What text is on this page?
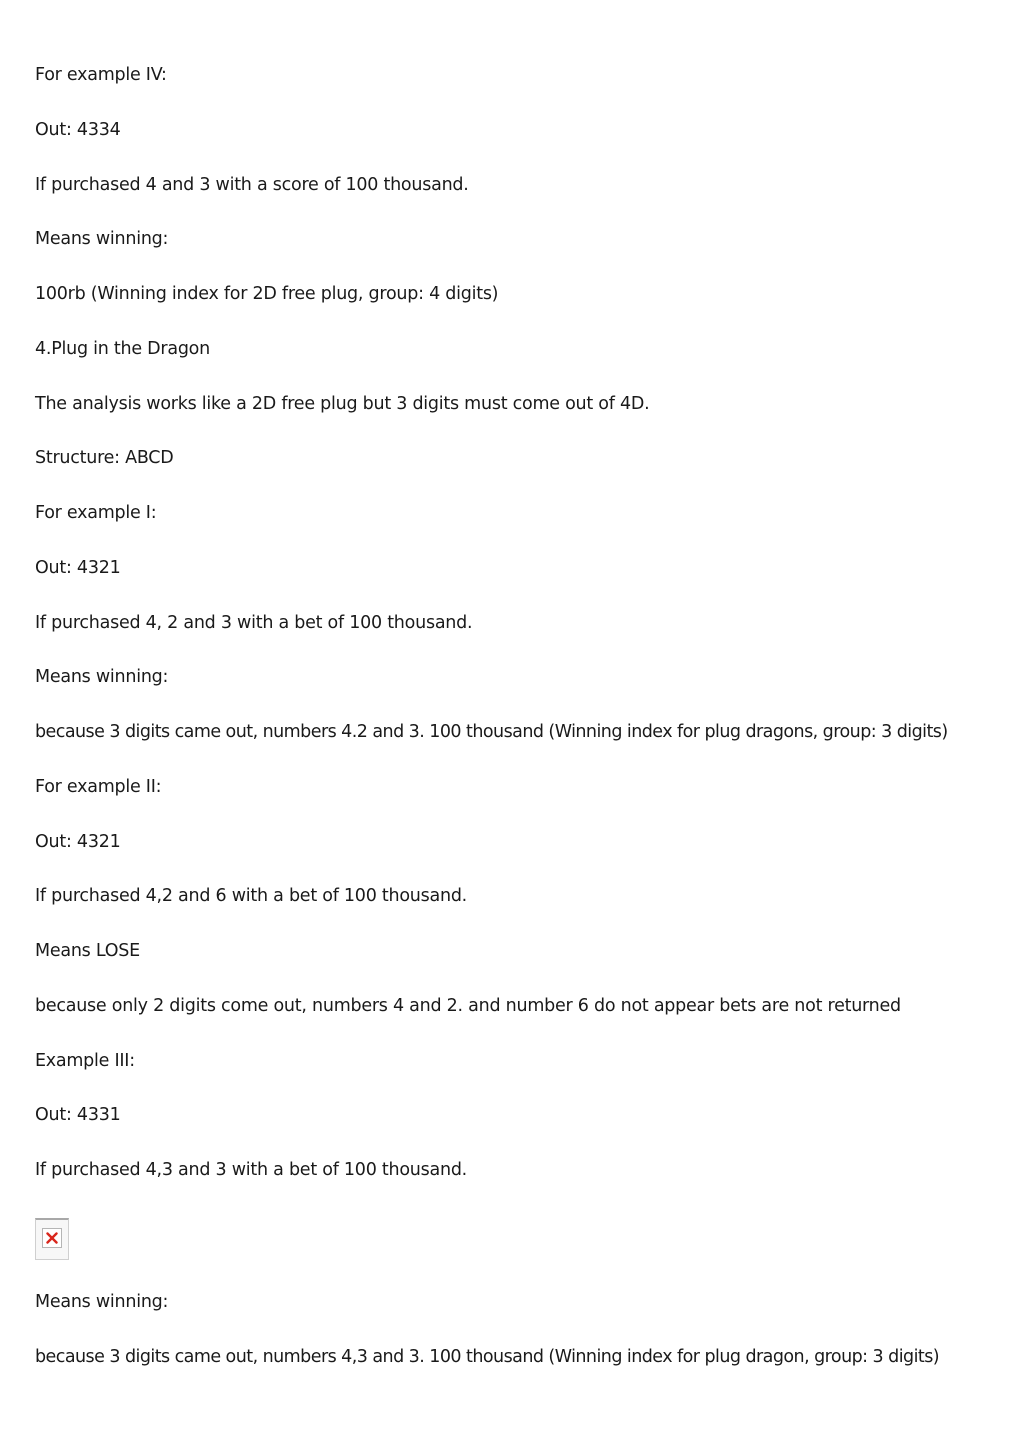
For example IV:

Out: 4334

If purchased 4 and 3 with a score of 100 thousand.

Means winning:

100rb (Winning index for 2D free plug, group: 4 digits)

4.Plug in the Dragon

The analysis works like a 2D free plug but 3 digits must come out of 4D.

Structure: ABCD

For example I:

Out: 4321

If purchased 4, 2 and 3 with a bet of 100 thousand.

Means winning:

because 3 digits came out, numbers 4.2 and 3. 100 thousand (Winning index for plug dragons, group: 3 digits)

For example II:

Out: 4321

If purchased 4,2 and 6 with a bet of 100 thousand.

Means LOSE

because only 2 digits come out, numbers 4 and 2. and number 6 do not appear bets are not returned

Example III:

Out: 4331

If purchased 4,3 and 3 with a bet of 100 thousand.

Means winning:

because 3 digits came out, numbers 4,3 and 3. 100 thousand (Winning index for plug dragon, group: 3 digits)
